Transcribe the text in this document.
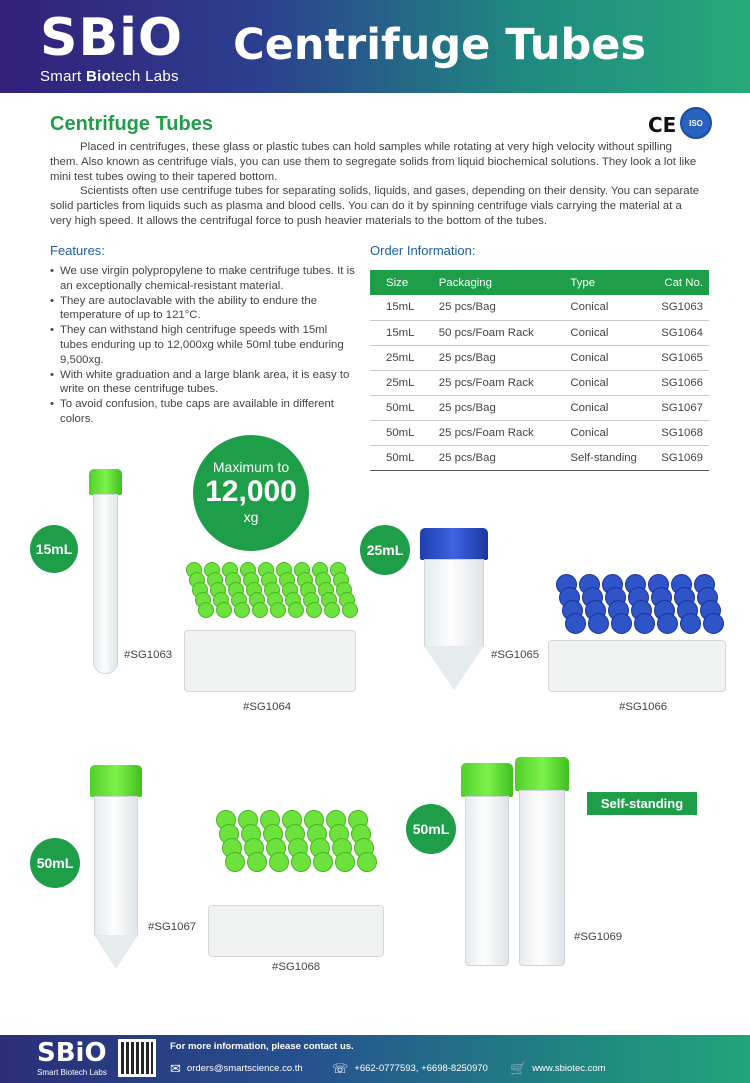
SBiO
Smart Biotech Labs
Centrifuge Tubes
Centrifuge Tubes	CE	ISO

Placed in centrifuges, these glass or plastic tubes can hold samples while rotating at very high velocity without spilling them. Also known as centrifuge vials, you can use them to segregate solids from liquid biochemical solutions. They look a lot like mini test tubes owing to their tapered bottom.

Scientists often use centrifuge tubes for separating solids, liquids, and gases, depending on their density. You can separate solid particles from liquids such as plasma and blood cells. You can do it by spinning centrifuge vials carrying the material at a very high speed. It allows the centrifugal force to push heavier materials to the bottom of the tubes.

Features:
• We use virgin polypropylene to make centrifuge tubes. It is an exceptionally chemical-resistant material.
• They are autoclavable with the ability to endure the temperature of up to 121°C.
• They can withstand high centrifuge speeds with 15ml tubes enduring up to 12,000xg while 50ml tube enduring 9,500xg.
• With white graduation and a large blank area, it is easy to write on these centrifuge tubes.
• To avoid confusion, tube caps are available in different colors.
Order Information:
Size	Packaging	Type	Cat No.
15mL	25 pcs/Bag	Conical	SG1063
15mL	50 pcs/Foam Rack	Conical	SG1064
25mL	25 pcs/Bag	Conical	SG1065
25mL	25 pcs/Foam Rack	Conical	SG1066
50mL	25 pcs/Bag	Conical	SG1067
50mL	25 pcs/Foam Rack	Conical	SG1068
50mL	25 pcs/Bag	Self-standing	SG1069
15mL
#SG1063
Maximum to
12,000
xg
#SG1064
25mL
#SG1065
#SG1066
50mL
#SG1067
#SG1068
50mL
Self-standing
#SG1069
SBiO
Smart Biotech Labs
For more information, please contact us.
✉ orders@smartscience.co.th ☏ +662-0777593, +6698-8250970 🛒 www.sbiotec.com
